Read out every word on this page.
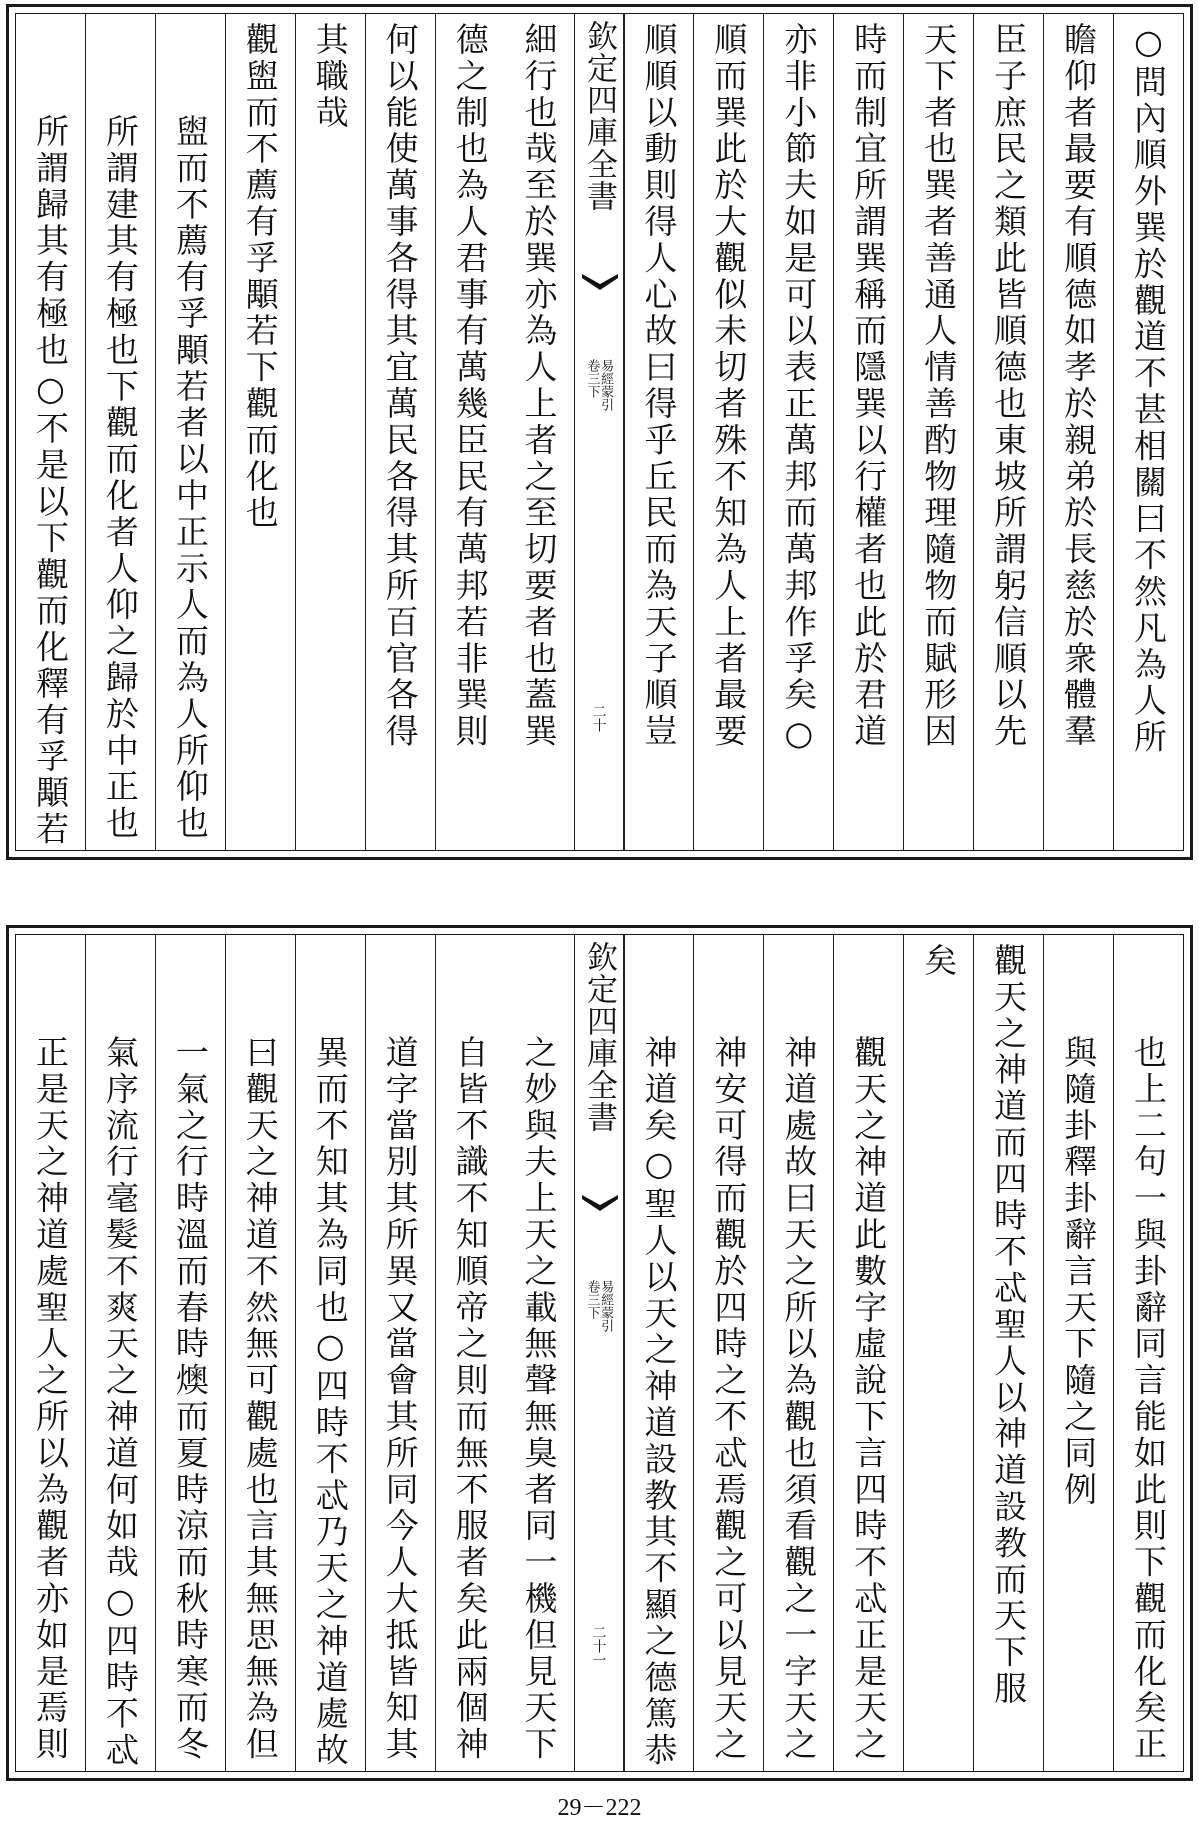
○問內順外巽於觀道不甚相關曰不然凡為人所
瞻仰者最要有順德如孝於親弟於長慈於衆體羣
臣子庶民之類此皆順德也東坡所謂躬信順以先
天下者也巽者善通人情善酌物理隨物而賦形因
時而制宜所謂巽稱而隱巽以行權者也此於君道
亦非小節夫如是可以表正萬邦而萬邦作孚矣○
順而巽此於大觀似未切者殊不知為人上者最要
順順以動則得人心故曰得乎丘民而為天子順豈
欽定四庫全書
易經蒙引
卷三下
二十
細行也哉至於巽亦為人上者之至切要者也蓋巽
德之制也為人君事有萬幾臣民有萬邦若非巽則
何以能使萬事各得其宜萬民各得其所百官各得
其職哉
觀盥而不薦有孚顒若下觀而化也
盥而不薦有孚顒若者以中正示人而為人所仰也
所謂建其有極也下觀而化者人仰之歸於中正也
所謂歸其有極也○不是以下觀而化釋有孚顒若
也上二句一與卦辭同言能如此則下觀而化矣正
與隨卦釋卦辭言天下隨之同例
觀天之神道而四時不忒聖人以神道設教而天下服
矣
觀天之神道此數字虛說下言四時不忒正是天之
神道處故曰天之所以為觀也須看觀之一字天之
神安可得而觀於四時之不忒焉觀之可以見天之
神道矣○聖人以天之神道設教其不顯之德篤恭
欽定四庫全書
易經蒙引
卷三下
二十一
之妙與夫上天之載無聲無臭者同一機但見天下
自皆不識不知順帝之則而無不服者矣此兩個神
道字當別其所異又當會其所同今人大抵皆知其
異而不知其為同也○四時不忒乃天之神道處故
曰觀天之神道不然無可觀處也言其無思無為但
一氣之行時溫而春時燠而夏時涼而秋時寒而冬
氣序流行毫髮不爽天之神道何如哉○四時不忒
正是天之神道處聖人之所以為觀者亦如是焉則
29－222
